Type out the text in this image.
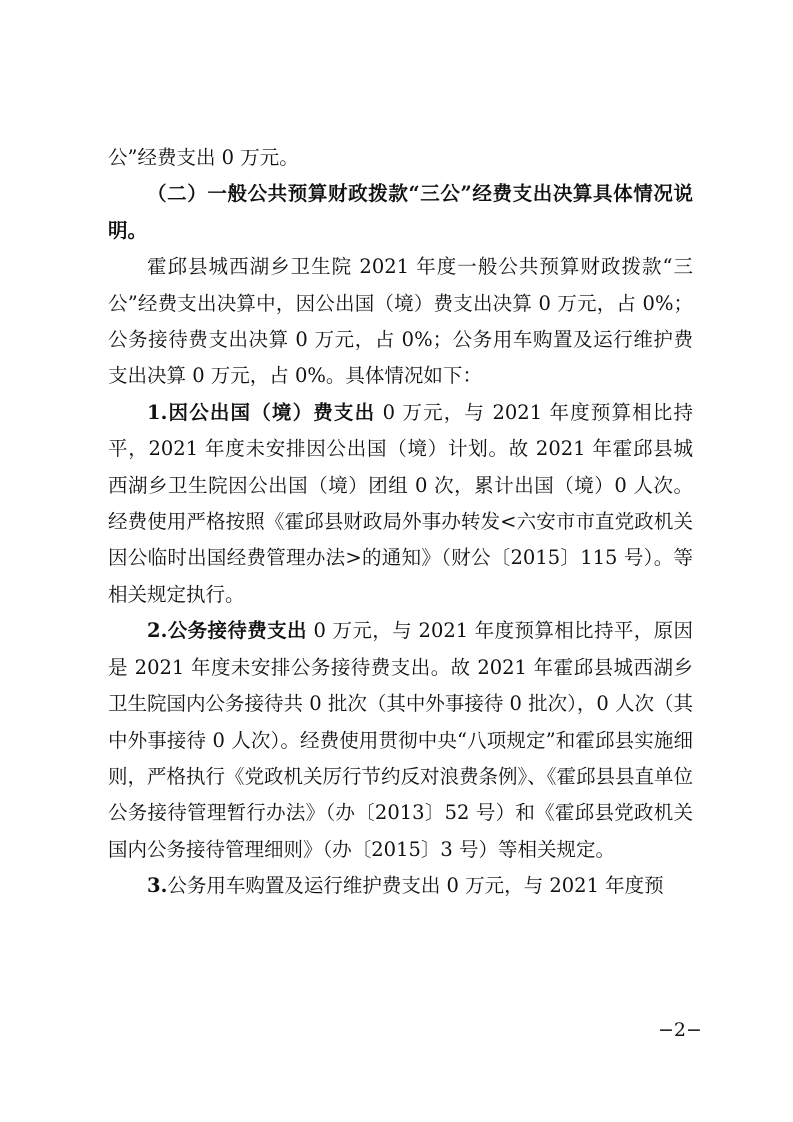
公”经费支出 0 万元。

（二）一般公共预算财政拨款“三公”经费支出决算具体情况说明。

霍邱县城西湖乡卫生院 2021 年度一般公共预算财政拨款“三公”经费支出决算中，因公出国（境）费支出决算 0 万元，占 0%；公务接待费支出决算 0 万元，占 0%；公务用车购置及运行维护费支出决算 0 万元，占 0%。具体情况如下：

1.因公出国（境）费支出 0 万元，与 2021 年度预算相比持平，2021 年度未安排因公出国（境）计划。故 2021 年霍邱县城西湖乡卫生院因公出国（境）团组 0 次，累计出国（境）0 人次。经费使用严格按照《霍邱县财政局外事办转发<六安市市直党政机关因公临时出国经费管理办法>的通知》（财公〔2015〕115 号）。等相关规定执行。

2.公务接待费支出 0 万元，与 2021 年度预算相比持平，原因是 2021 年度未安排公务接待费支出。故 2021 年霍邱县城西湖乡卫生院国内公务接待共 0 批次（其中外事接待 0 批次），0 人次（其中外事接待 0 人次）。经费使用贯彻中央“八项规定”和霍邱县实施细则，严格执行《党政机关厉行节约反对浪费条例》、《霍邱县县直单位公务接待管理暂行办法》（办〔2013〕52 号）和《霍邱县党政机关国内公务接待管理细则》（办〔2015〕3 号）等相关规定。

3.公务用车购置及运行维护费支出 0 万元，与 2021 年度预

−2−
